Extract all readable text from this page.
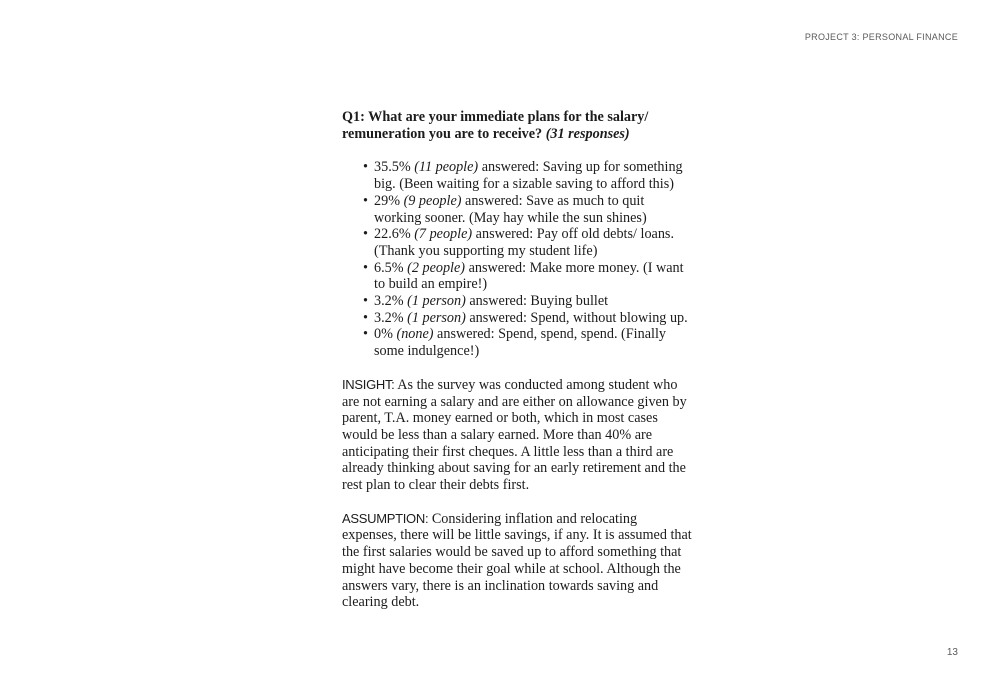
PROJECT 3: PERSONAL FINANCE

Q1: What are your immediate plans for the salary/ remuneration you are to receive? (31 responses)

• 35.5% (11 people) answered: Saving up for something big. (Been waiting for a sizable saving to afford this)
• 29% (9 people) answered: Save as much to quit working sooner. (May hay while the sun shines)
• 22.6% (7 people) answered: Pay off old debts/ loans. (Thank you supporting my student life)
• 6.5% (2 people) answered: Make more money. (I want to build an empire!)
• 3.2% (1 person) answered: Buying bullet
• 3.2% (1 person) answered: Spend, without blowing up.
• 0% (none) answered: Spend, spend, spend. (Finally some indulgence!)

INSIGHT: As the survey was conducted among student who are not earning a salary and are either on allowance given by parent, T.A. money earned or both, which in most cases would be less than a salary earned. More than 40% are anticipating their first cheques. A little less than a third are already thinking about saving for an early retirement and the rest plan to clear their debts first.

ASSUMPTION: Considering inflation and relocating expenses, there will be little savings, if any. It is assumed that the first salaries would be saved up to afford something that might have become their goal while at school. Although the answers vary, there is an inclination towards saving and clearing debt.

13
